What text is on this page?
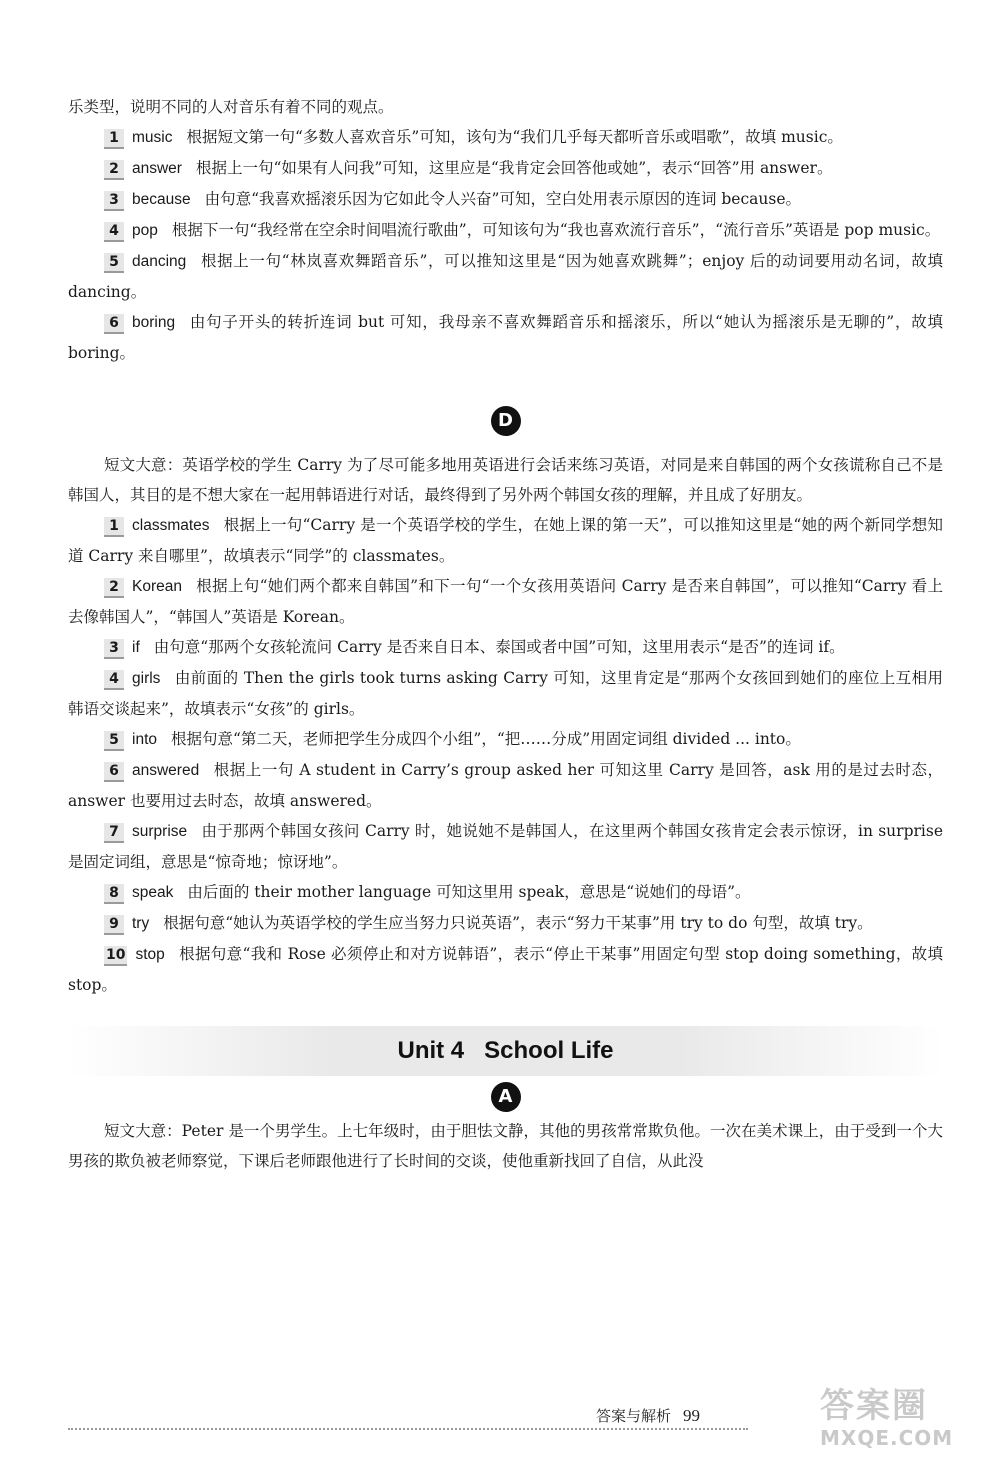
乐类型，说明不同的人对音乐有着不同的观点。

1 music 根据短文第一句“多数人喜欢音乐”可知，该句为“我们几乎每天都听音乐或唱歌”，故填 music。

2 answer 根据上一句“如果有人问我”可知，这里应是“我肯定会回答他或她”，表示“回答”用 answer。

3 because 由句意“我喜欢摇滚乐因为它如此令人兴奋”可知，空白处用表示原因的连词 because。

4 pop 根据下一句“我经常在空余时间唱流行歌曲”，可知该句为“我也喜欢流行音乐”，“流行音乐”英语是 pop music。

5 dancing 根据上一句“林岚喜欢舞蹈音乐”，可以推知这里是“因为她喜欢跳舞”；enjoy 后的动词要用动名词，故填 dancing。

6 boring 由句子开头的转折连词 but 可知，我母亲不喜欢舞蹈音乐和摇滚乐，所以“她认为摇滚乐是无聊的”，故填 boring。

D

短文大意：英语学校的学生 Carry 为了尽可能多地用英语进行会话来练习英语，对同是来自韩国的两个女孩谎称自己不是韩国人，其目的是不想大家在一起用韩语进行对话，最终得到了另外两个韩国女孩的理解，并且成了好朋友。

1 classmates 根据上一句“Carry 是一个英语学校的学生，在她上课的第一天”，可以推知这里是“她的两个新同学想知道 Carry 来自哪里”，故填表示“同学”的 classmates。

2 Korean 根据上句“她们两个都来自韩国”和下一句“一个女孩用英语问 Carry 是否来自韩国”，可以推知“Carry 看上去像韩国人”，“韩国人”英语是 Korean。

3 if 由句意“那两个女孩轮流问 Carry 是否来自日本、泰国或者中国”可知，这里用表示“是否”的连词 if。

4 girls 由前面的 Then the girls took turns asking Carry 可知，这里肯定是“那两个女孩回到她们的座位上互相用韩语交谈起来”，故填表示“女孩”的 girls。

5 into 根据句意“第二天，老师把学生分成四个小组”，“把……分成”用固定词组 divided ... into。

6 answered 根据上一句 A student in Carry’s group asked her 可知这里 Carry 是回答，ask 用的是过去时态，answer 也要用过去时态，故填 answered。

7 surprise 由于那两个韩国女孩问 Carry 时，她说她不是韩国人，在这里两个韩国女孩肯定会表示惊讶，in surprise 是固定词组，意思是“惊奇地；惊讶地”。

8 speak 由后面的 their mother language 可知这里用 speak，意思是“说她们的母语”。

9 try 根据句意“她认为英语学校的学生应当努力只说英语”，表示“努力干某事”用 try to do 句型，故填 try。

10 stop 根据句意“我和 Rose 必须停止和对方说韩语”，表示“停止干某事”用固定句型 stop doing something，故填 stop。

Unit 4   School Life
A

短文大意：Peter 是一个男学生。上七年级时，由于胆怯文静，其他的男孩常常欺负他。一次在美术课上，由于受到一个大男孩的欺负被老师察觉，下课后老师跟他进行了长时间的交谈，使他重新找回了自信，从此没

答案与解析 99	答案圈
MXQE.COM
